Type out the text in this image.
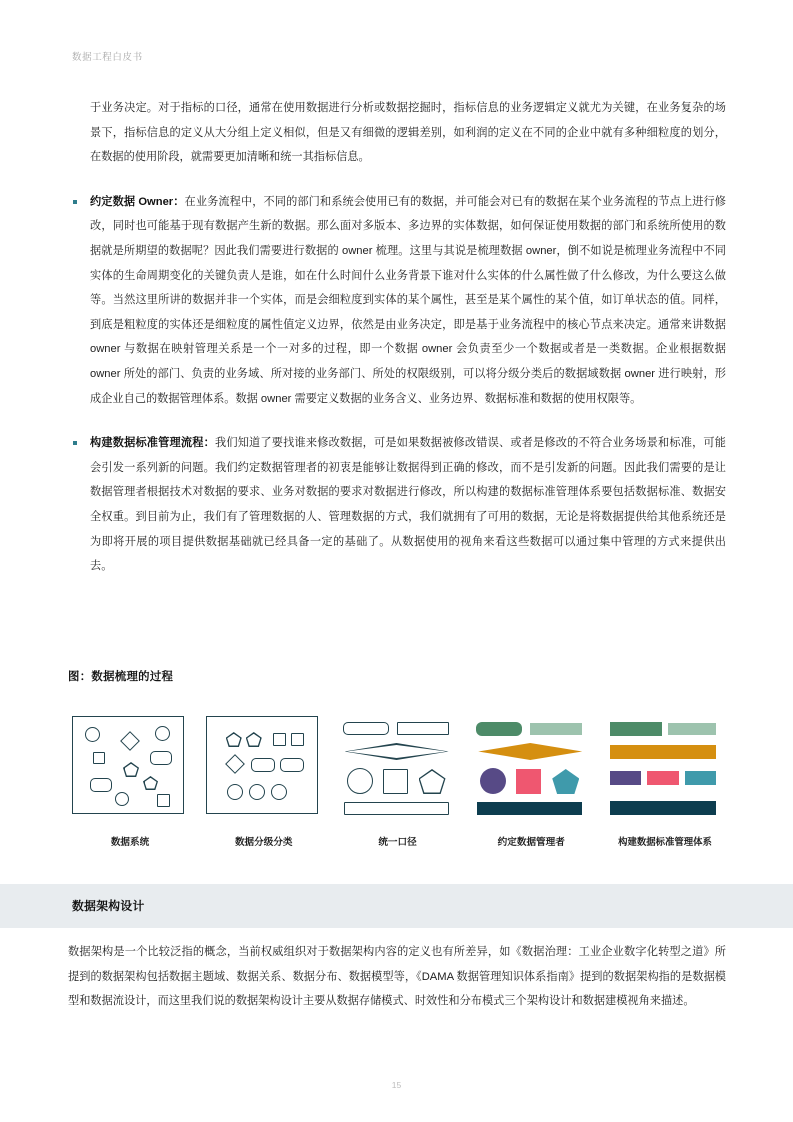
数据工程白皮书

于业务决定。对于指标的口径，通常在使用数据进行分析或数据挖掘时，指标信息的业务逻辑定义就尤为关键，在业务复杂的场景下，指标信息的定义从大分组上定义相似，但是又有细微的逻辑差别，如利润的定义在不同的企业中就有多种细粒度的划分，在数据的使用阶段，就需要更加清晰和统一其指标信息。

约定数据 Owner：在业务流程中，不同的部门和系统会使用已有的数据，并可能会对已有的数据在某个业务流程的节点上进行修改，同时也可能基于现有数据产生新的数据。那么面对多版本、多边界的实体数据，如何保证使用数据的部门和系统所使用的数据就是所期望的数据呢？因此我们需要进行数据的 owner 梳理。这里与其说是梳理数据 owner，倒不如说是梳理业务流程中不同实体的生命周期变化的关键负责人是谁，如在什么时间什么业务背景下谁对什么实体的什么属性做了什么修改，为什么要这么做等。当然这里所讲的数据并非一个实体，而是会细粒度到实体的某个属性，甚至是某个属性的某个值，如订单状态的值。同样，到底是粗粒度的实体还是细粒度的属性值定义边界，依然是由业务决定，即是基于业务流程中的核心节点来决定。通常来讲数据 owner 与数据在映射管理关系是一个一对多的过程，即一个数据 owner 会负责至少一个数据或者是一类数据。企业根据数据 owner 所处的部门、负责的业务域、所对接的业务部门、所处的权限级别，可以将分级分类后的数据域数据 owner 进行映射，形成企业自己的数据管理体系。数据 owner 需要定义数据的业务含义、业务边界、数据标准和数据的使用权限等。

构建数据标准管理流程：我们知道了要找谁来修改数据，可是如果数据被修改错误、或者是修改的不符合业务场景和标准，可能会引发一系列新的问题。我们约定数据管理者的初衷是能够让数据得到正确的修改，而不是引发新的问题。因此我们需要的是让数据管理者根据技术对数据的要求、业务对数据的要求对数据进行修改，所以构建的数据标准管理体系要包括数据标准、数据安全权重。到目前为止，我们有了管理数据的人、管理数据的方式，我们就拥有了可用的数据，无论是将数据提供给其他系统还是为即将开展的项目提供数据基础就已经具备一定的基础了。从数据使用的视角来看这些数据可以通过集中管理的方式来提供出去。

图：数据梳理的过程
数据系统	数据分级分类	统一口径	约定数据管理者	构建数据标准管理体系
数据架构设计

数据架构是一个比较泛指的概念，当前权威组织对于数据架构内容的定义也有所差异，如《数据治理：工业企业数字化转型之道》所提到的数据架构包括数据主题域、数据关系、数据分布、数据模型等，《DAMA 数据管理知识体系指南》提到的数据架构指的是数据模型和数据流设计，而这里我们说的数据架构设计主要从数据存储模式、时效性和分布模式三个架构设计和数据建模视角来描述。

15
